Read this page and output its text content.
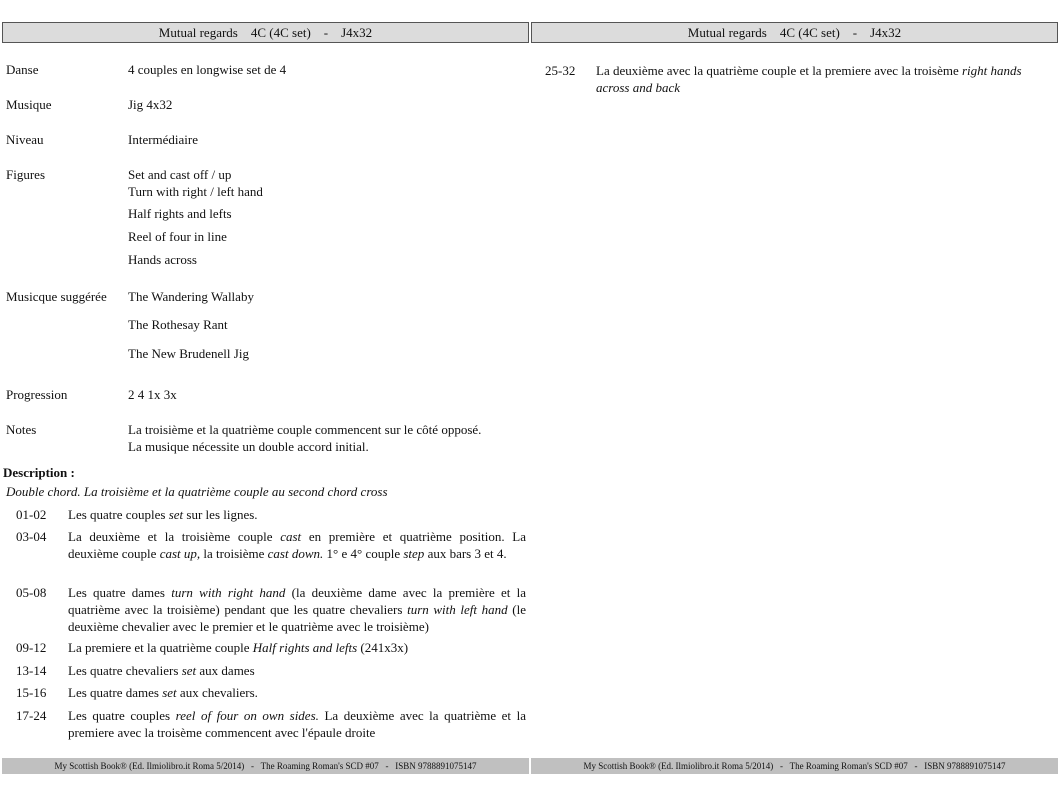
Mutual regards    4C (4C set)    -    J4x32
Danse	4 couples en longwise set de 4
Musique	Jig 4x32
Niveau	Intermédiaire
Figures	Set and cast off / up
Turn with right / left hand
Half rights and lefts
Reel of four in line
Hands across
Musicque suggérée The Wandering Wallaby
The Rothesay Rant
The New Brudenell Jig
Progression	2 4 1x 3x
Notes	La troisième et la quatrième couple commencent sur le côté opposé.
La musique nécessite un double accord initial.
Description :
Double chord. La troisième et la quatrième couple au second chord cross
01-02 Les quatre couples set sur les lignes.
03-04 La deuxième et la troisième couple cast en première et quatrième position. La deuxième couple cast up, la troisième cast down. 1° e 4° couple step aux bars 3 et 4.
05-08 Les quatre dames turn with right hand (la deuxième dame avec la première et la quatrième avec la troisième) pendant que les quatre chevaliers turn with left hand (le deuxième chevalier avec le premier et le quatrième avec le troisième)
09-12 La premiere et la quatrième couple Half rights and lefts (241x3x)
13-14 Les quatre chevaliers set aux dames
15-16 Les quatre dames set aux chevaliers.
17-24 Les quatre couples reel of four on own sides. La deuxième avec la quatrième et la premiere avec la troisème commencent avec l'épaule droite
My Scottish Book® (Ed. Ilmiolibro.it Roma 5/2014)   -   The Roaming Roman's SCD #07   -   ISBN 9788891075147
Mutual regards    4C (4C set)    -    J4x32
25-32 La deuxième avec la quatrième couple et la premiere avec la troisème right hands across and back
My Scottish Book® (Ed. Ilmiolibro.it Roma 5/2014)   -   The Roaming Roman's SCD #07   -   ISBN 9788891075147
